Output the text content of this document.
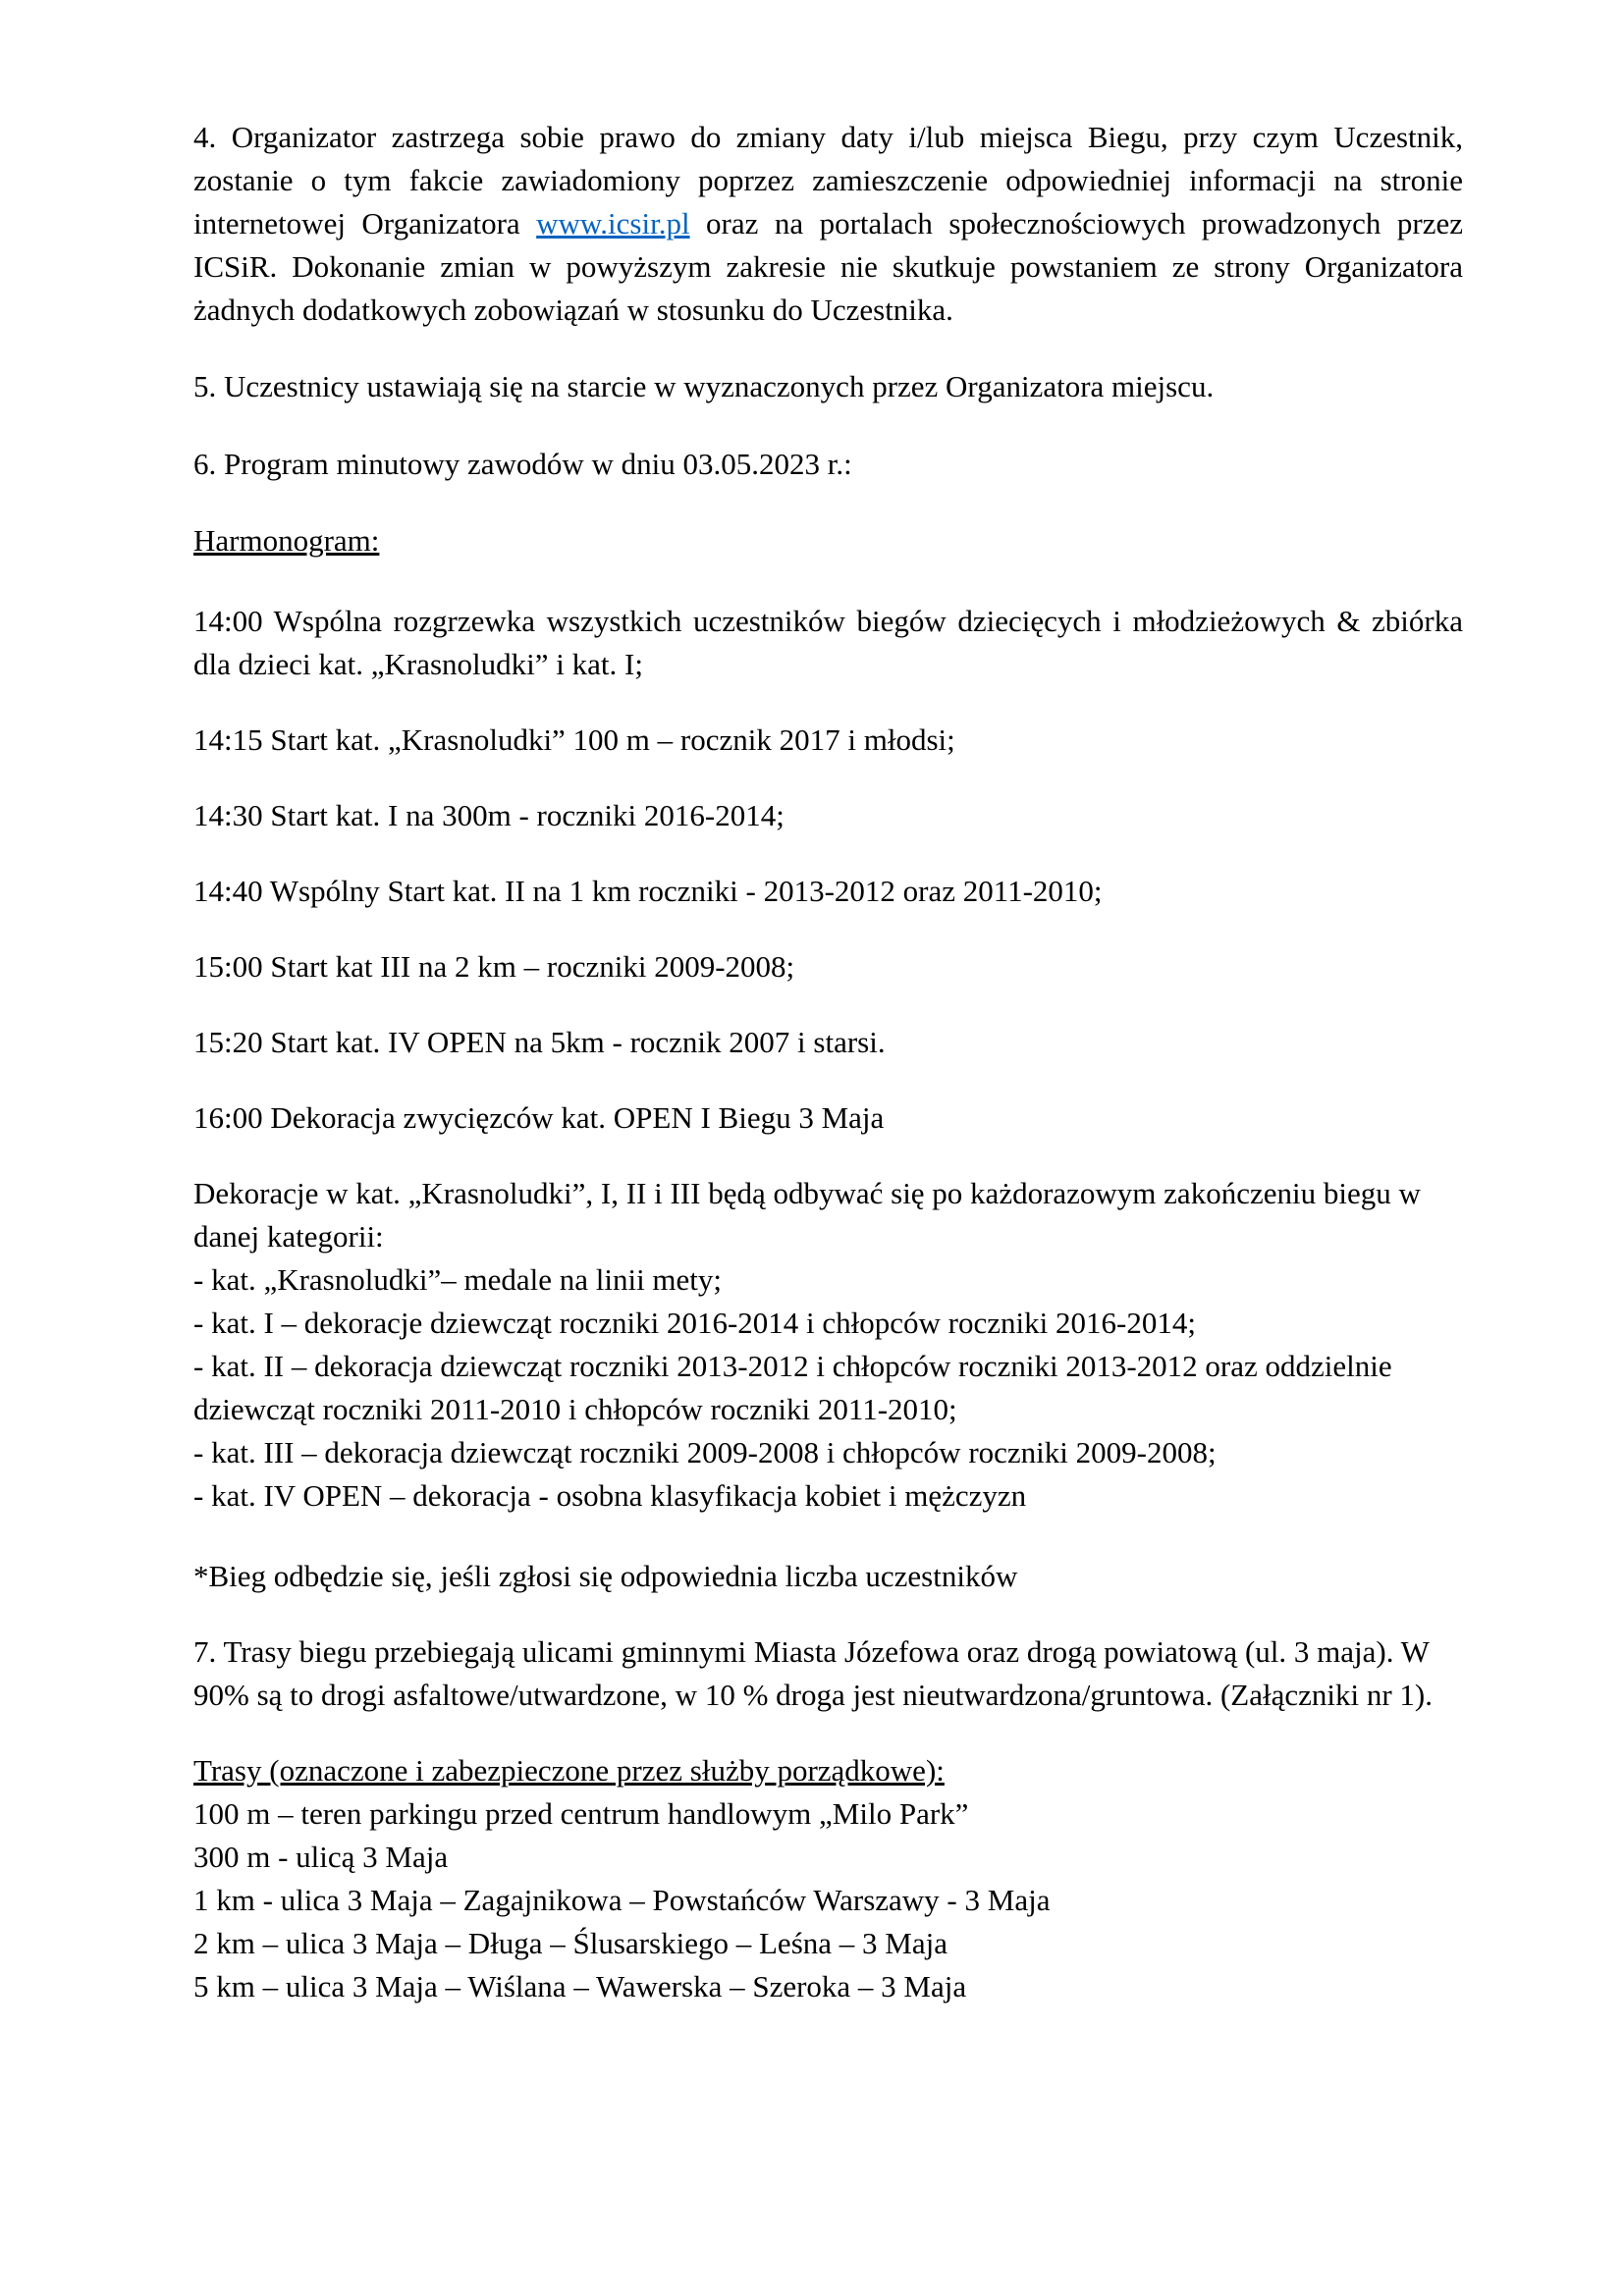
4. Organizator zastrzega sobie prawo do zmiany daty i/lub miejsca Biegu, przy czym Uczestnik, zostanie o tym fakcie zawiadomiony poprzez zamieszczenie odpowiedniej informacji na stronie internetowej Organizatora www.icsir.pl oraz na portalach społecznościowych prowadzonych przez ICSiR. Dokonanie zmian w powyższym zakresie nie skutkuje powstaniem ze strony Organizatora żadnych dodatkowych zobowiązań w stosunku do Uczestnika.

5. Uczestnicy ustawiają się na starcie w wyznaczonych przez Organizatora miejscu.

6. Program minutowy zawodów w dniu 03.05.2023 r.:

Harmonogram:

14:00 Wspólna rozgrzewka wszystkich uczestników biegów dziecięcych i młodzieżowych & zbiórka dla dzieci kat. „Krasnoludki” i kat. I;

14:15 Start kat. „Krasnoludki” 100 m – rocznik 2017 i młodsi;

14:30 Start kat. I na 300m - roczniki 2016-2014;

14:40 Wspólny Start kat. II na 1 km roczniki - 2013-2012 oraz 2011-2010;

15:00 Start kat III na 2 km – roczniki 2009-2008;

15:20 Start kat. IV OPEN na 5km - rocznik 2007 i starsi.

16:00 Dekoracja zwycięzców kat. OPEN I Biegu 3 Maja

Dekoracje w kat. „Krasnoludki”, I, II i III będą odbywać się po każdorazowym zakończeniu biegu w danej kategorii:

- kat. „Krasnoludki”– medale na linii mety;
- kat. I – dekoracje dziewcząt roczniki 2016-2014 i chłopców roczniki 2016-2014;
- kat. II – dekoracja dziewcząt roczniki 2013-2012 i chłopców roczniki 2013-2012 oraz oddzielnie dziewcząt roczniki 2011-2010 i chłopców roczniki 2011-2010;
- kat. III – dekoracja dziewcząt roczniki 2009-2008 i chłopców roczniki 2009-2008;
- kat. IV OPEN – dekoracja - osobna klasyfikacja kobiet i mężczyzn

*Bieg odbędzie się, jeśli zgłosi się odpowiednia liczba uczestników

7. Trasy biegu przebiegają ulicami gminnymi Miasta Józefowa oraz drogą powiatową (ul. 3 maja). W 90% są to drogi asfaltowe/utwardzone, w 10 % droga jest nieutwardzona/gruntowa. (Załączniki nr 1).

Trasy (oznaczone i zabezpieczone przez służby porządkowe):

100 m – teren parkingu przed centrum handlowym „Milo Park”
300 m - ulicą 3 Maja
1 km - ulica 3 Maja – Zagajnikowa – Powstańców Warszawy - 3 Maja
2 km – ulica 3 Maja – Długa – Ślusarskiego – Leśna – 3 Maja
5 km – ulica 3 Maja – Wiślana – Wawerska – Szeroka – 3 Maja
